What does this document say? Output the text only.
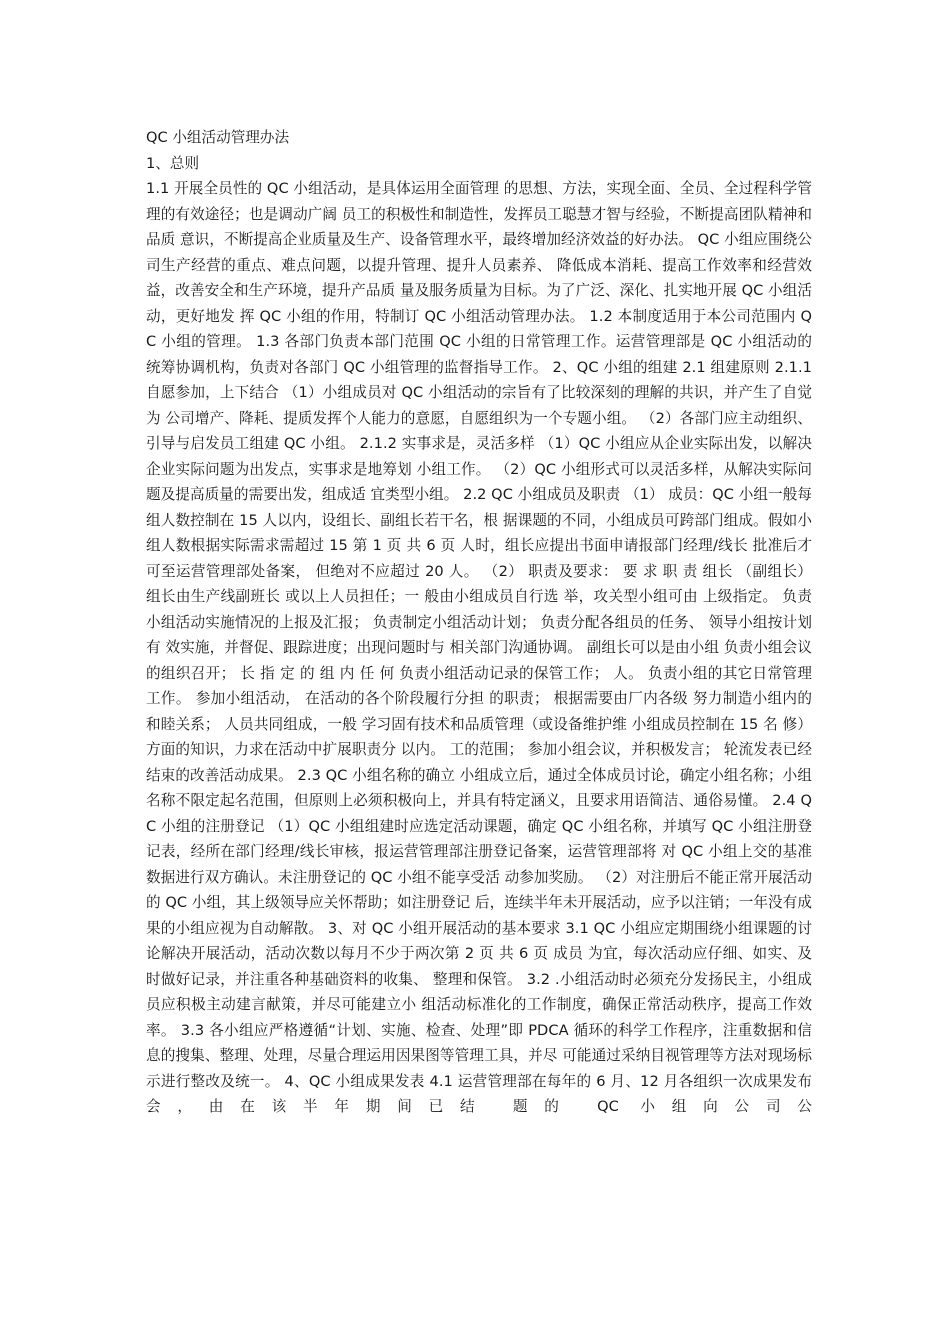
QC 小组活动管理办法
1、总则

1.1 开展全员性的 QC 小组活动，是具体运用全面管理 的思想、方法，实现全面、全员、全过程科学管理的有效途径；也是调动广阔 员工的积极性和制造性，发挥员工聪慧才智与经验，不断提高团队精神和品质 意识，不断提高企业质量及生产、设备管理水平，最终增加经济效益的好办法。 QC 小组应围绕公司生产经营的重点、难点问题，以提升管理、提升人员素养、 降低成本消耗、提高工作效率和经营效益，改善安全和生产环境，提升产品质 量及服务质量为目标。为了广泛、深化、扎实地开展 QC 小组活动，更好地发 挥 QC 小组的作用，特制订 QC 小组活动管理办法。 1.2 本制度适用于本公司范围内 QC 小组的管理。 1.3 各部门负责本部门范围 QC 小组的日常管理工作。运营管理部是 QC 小组活动的 统筹协调机构，负责对各部门 QC 小组管理的监督指导工作。 2、QC 小组的组建 2.1 组建原则 2.1.1 自愿参加，上下结合 （1）小组成员对 QC 小组活动的宗旨有了比较深刻的理解的共识，并产生了自觉为 公司增产、降耗、提质发挥个人能力的意愿，自愿组织为一个专题小组。 （2）各部门应主动组织、引导与启发员工组建 QC 小组。 2.1.2 实事求是，灵活多样 （1）QC 小组应从企业实际出发，以解决企业实际问题为出发点，实事求是地筹划 小组工作。 （2）QC 小组形式可以灵活多样，从解决实际问题及提高质量的需要出发，组成适 宜类型小组。 2.2 QC 小组成员及职责 （1） 成员：QC 小组一般每组人数控制在 15 人以内，设组长、副组长若干名，根 据课题的不同，小组成员可跨部门组成。假如小组人数根据实际需求需超过 15 第 1 页 共 6 页 人时，组长应提出书面申请报部门经理/线长 批准后才可至运营管理部处备案， 但绝对不应超过 20 人。 （2） 职责及要求： 要 求 职 责 组长 （副组长） 组长由生产线副班长 或以上人员担任；一 般由小组成员自行选 举，攻关型小组可由 上级指定。 负责小组活动实施情况的上报及汇报； 负责制定小组活动计划； 负责分配各组员的任务、 领导小组按计划有 效实施，并督促、跟踪进度；出现问题时与 相关部门沟通协调。 副组长可以是由小组 负责小组会议的组织召开； 长 指 定 的 组 内 任 何 负责小组活动记录的保管工作； 人。 负责小组的其它日常管理工作。 参加小组活动， 在活动的各个阶段履行分担 的职责； 根据需要由厂内各级 努力制造小组内的和睦关系； 人员共同组成，一般 学习固有技术和品质管理（或设备维护维 小组成员控制在 15 名 修） 方面的知识，力求在活动中扩展职责分 以内。 工的范围； 参加小组会议，并积极发言； 轮流发表已经结束的改善活动成果。 2.3 QC 小组名称的确立 小组成立后，通过全体成员讨论，确定小组名称；小组名称不限定起名范围，但原则上必须积极向上，并具有特定涵义，且要求用语简洁、通俗易懂。 2.4 QC 小组的注册登记 （1）QC 小组组建时应选定活动课题，确定 QC 小组名称，并填写 QC 小组注册登记表，经所在部门经理/线长审核，报运营管理部注册登记备案，运营管理部将 对 QC 小组上交的基准数据进行双方确认。未注册登记的 QC 小组不能享受活 动参加奖励。 （2）对注册后不能正常开展活动的 QC 小组，其上级领导应关怀帮助；如注册登记 后，连续半年未开展活动，应予以注销；一年没有成果的小组应视为自动解散。 3、对 QC 小组开展活动的基本要求 3.1 QC 小组应定期围绕小组课题的讨论解决开展活动，活动次数以每月不少于两次第 2 页 共 6 页 成员 为宜，每次活动应仔细、如实、及时做好记录，并注重各种基础资料的收集、 整理和保管。 3.2 .小组活动时必须充分发扬民主，小组成员应积极主动建言献策，并尽可能建立小 组活动标准化的工作制度，确保正常活动秩序，提高工作效率。 3.3 各小组应严格遵循“计划、实施、检查、处理”即 PDCA 循环的科学工作程序，注重数据和信息的搜集、整理、处理，尽量合理运用因果图等管理工具，并尽 可能通过采纳目视管理等方法对现场标示进行整改及统一。 4、QC 小组成果发表 4.1 运营管理部在每年的 6 月、12 月各组织一次成果发布会，由在该半年期间已结 题的 QC 小组向公司公
